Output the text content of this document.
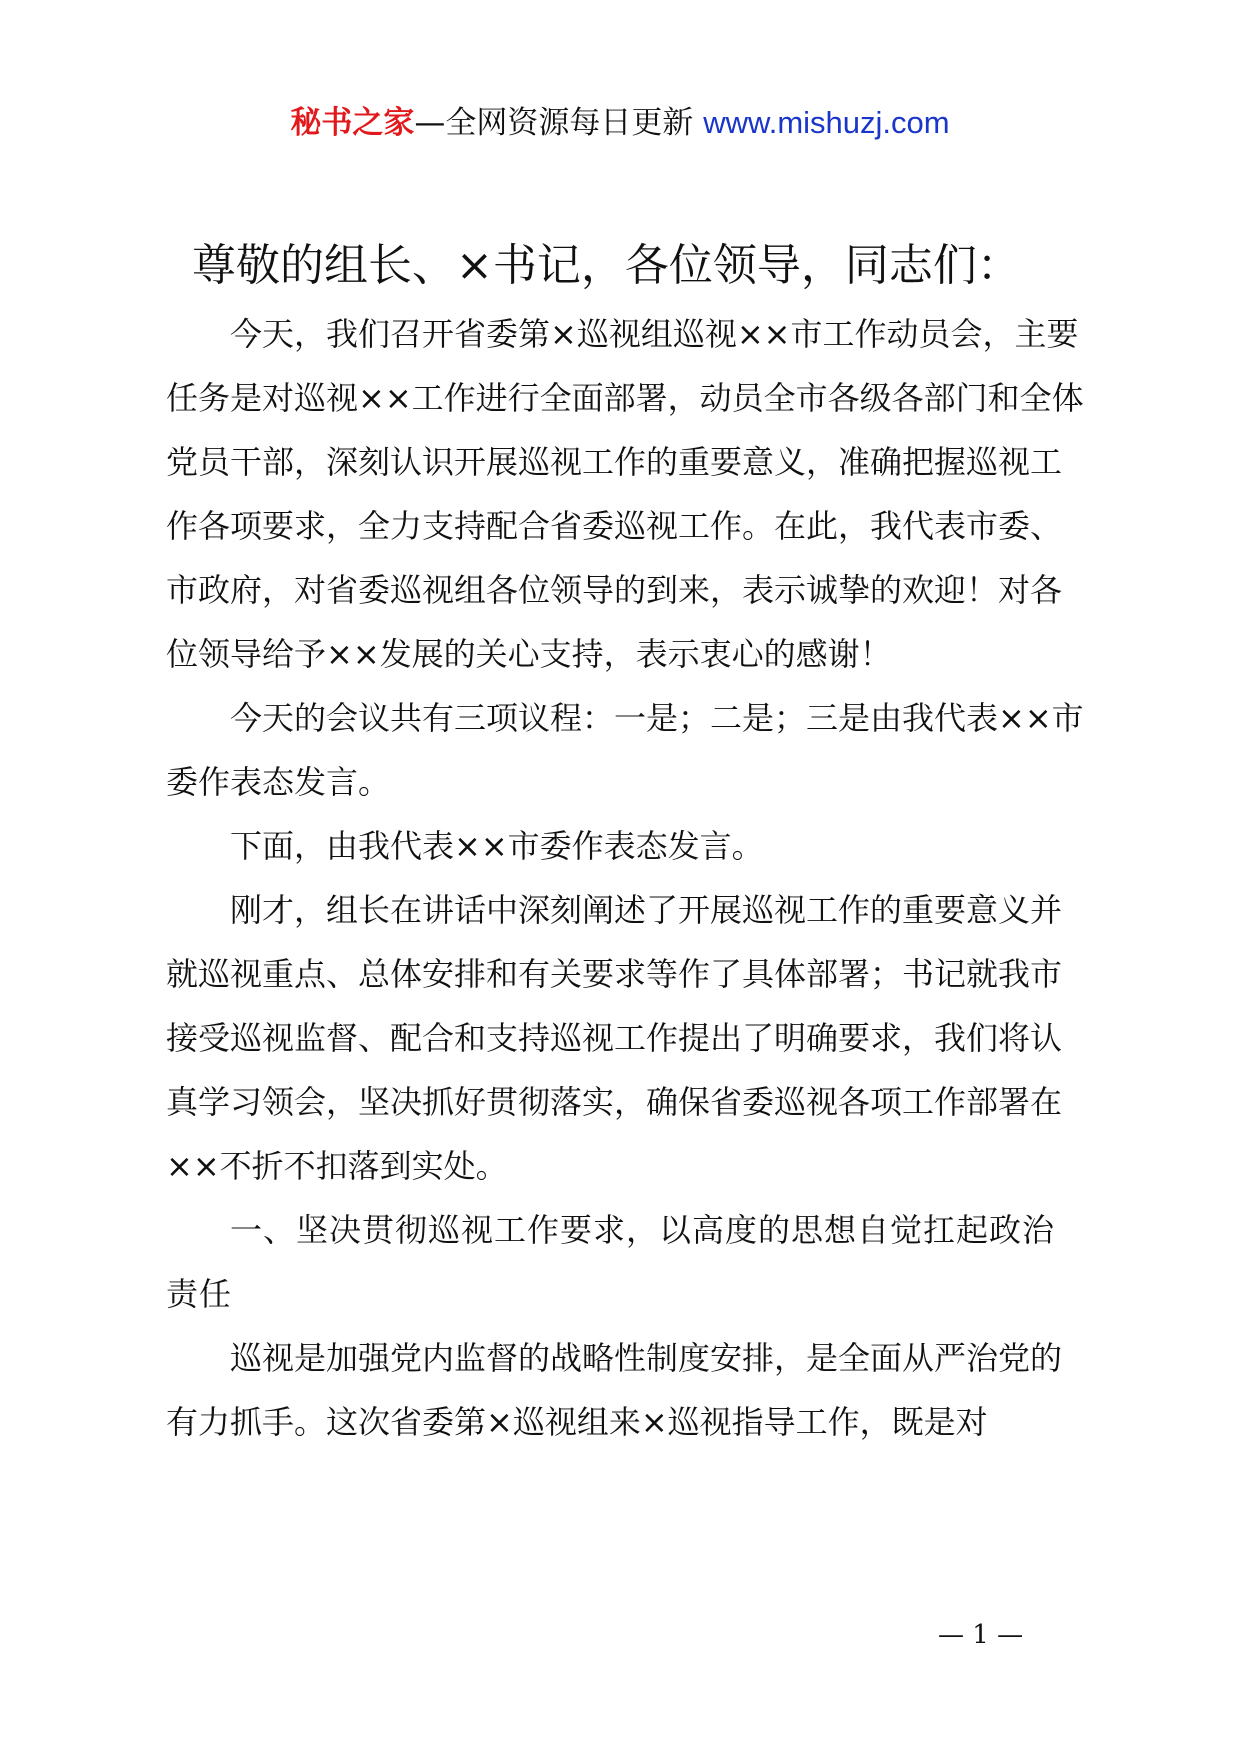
秘书之家—全网资源每日更新 www.mishuzj.com
尊敬的组长、×书记，各位领导，同志们：

今天，我们召开省委第×巡视组巡视××市工作动员会，主要任务是对巡视××工作进行全面部署，动员全市各级各部门和全体党员干部，深刻认识开展巡视工作的重要意义，准确把握巡视工作各项要求，全力支持配合省委巡视工作。在此，我代表市委、市政府，对省委巡视组各位领导的到来，表示诚挚的欢迎！对各位领导给予××发展的关心支持，表示衷心的感谢！

今天的会议共有三项议程：一是；二是；三是由我代表××市委作表态发言。

下面，由我代表××市委作表态发言。

刚才，组长在讲话中深刻阐述了开展巡视工作的重要意义并就巡视重点、总体安排和有关要求等作了具体部署；书记就我市接受巡视监督、配合和支持巡视工作提出了明确要求，我们将认真学习领会，坚决抓好贯彻落实，确保省委巡视各项工作部署在××不折不扣落到实处。

一、坚决贯彻巡视工作要求，以高度的思想自觉扛起政治责任

巡视是加强党内监督的战略性制度安排，是全面从严治党的有力抓手。这次省委第×巡视组来×巡视指导工作，既是对

— 1 —
